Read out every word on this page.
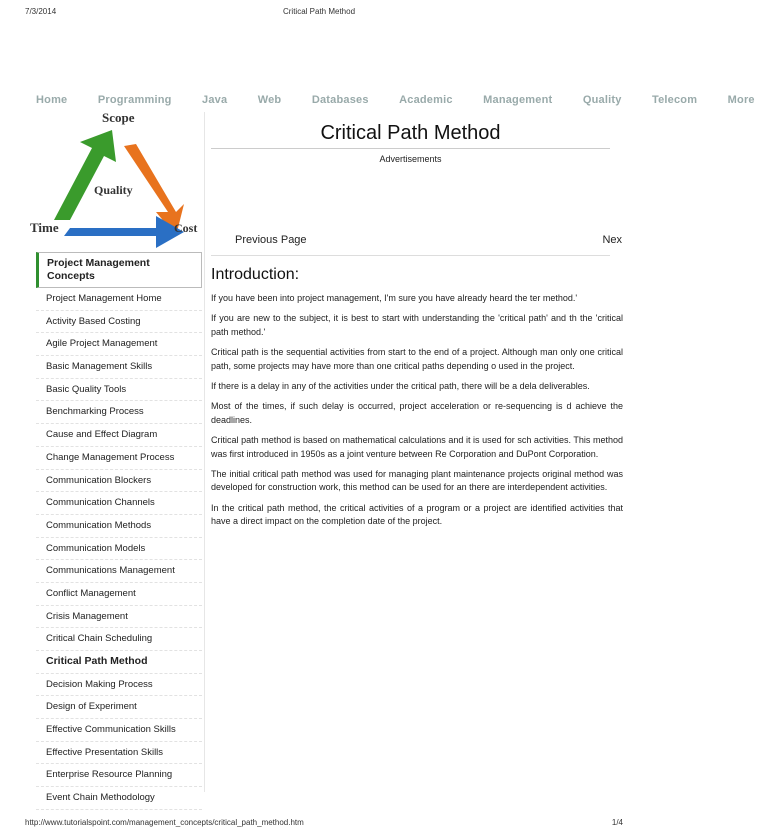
7/3/2014	Critical Path Method
Home	Programming	Java	Web	Databases	Academic	Management	Quality	Telecom	More
Scope
Quality
Time	Cost
Project Management Concepts
Project Management Home
Activity Based Costing
Agile Project Management
Basic Management Skills
Basic Quality Tools
Benchmarking Process
Cause and Effect Diagram
Change Management Process
Communication Blockers
Communication Channels
Communication Methods
Communication Models
Communications Management
Conflict Management
Crisis Management
Critical Chain Scheduling
Critical Path Method
Decision Making Process
Design of Experiment
Effective Communication Skills
Effective Presentation Skills
Enterprise Resource Planning
Event Chain Methodology
Critical Path Method
Advertisements
Previous Page	Nex
Introduction:

If you have been into project management, I'm sure you have already heard the ter method.'

If you are new to the subject, it is best to start with understanding the 'critical path' and th the 'critical path method.'

Critical path is the sequential activities from start to the end of a project. Although man only one critical path, some projects may have more than one critical paths depending o used in the project.

If there is a delay in any of the activities under the critical path, there will be a dela deliverables.

Most of the times, if such delay is occurred, project acceleration or re-sequencing is d achieve the deadlines.

Critical path method is based on mathematical calculations and it is used for sch activities. This method was first introduced in 1950s as a joint venture between Re Corporation and DuPont Corporation.

The initial critical path method was used for managing plant maintenance projects original method was developed for construction work, this method can be used for an there are interdependent activities.

In the critical path method, the critical activities of a program or a project are identified activities that have a direct impact on the completion date of the project.

http://www.tutorialspoint.com/management_concepts/critical_path_method.htm	1/4
